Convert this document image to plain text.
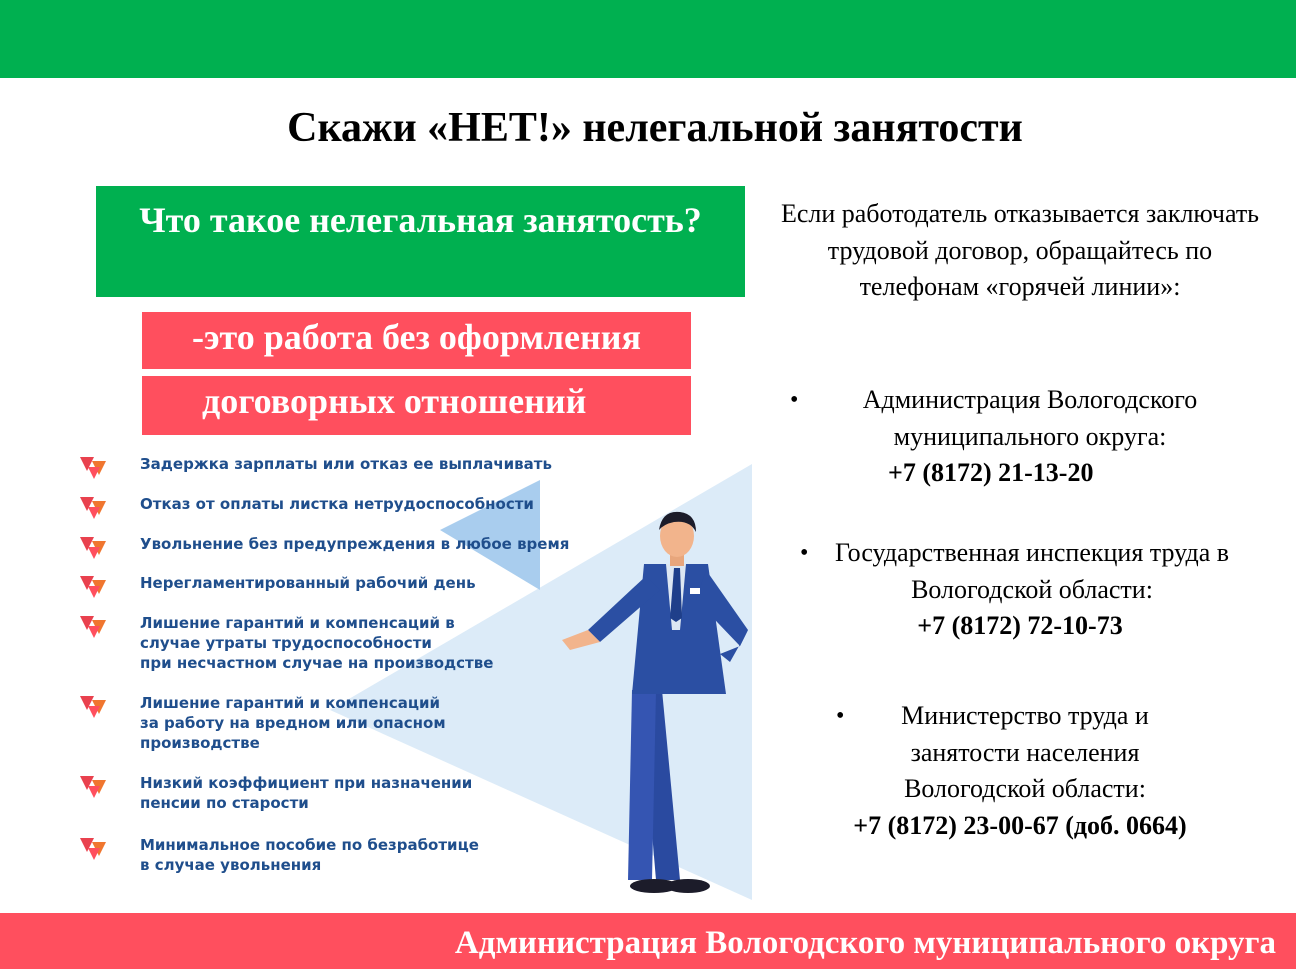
Скажи «НЕТ!» нелегальной занятости
Что такое нелегальная занятость?
-это работа без оформления
договорных отношений
Задержка зарплаты или отказ ее выплачивать
Отказ от оплаты листка нетрудоспособности
Увольнение без предупреждения в любое время
Нерегламентированный рабочий день
Лишение гарантий и компенсаций в
случае утраты трудоспособности
при несчастном случае на производстве
Лишение гарантий и компенсаций
за работу на вредном или опасном
производстве
Низкий коэффициент при назначении
пенсии по старости
Минимальное пособие по безработице
в случае увольнения

Если работодатель отказывается заключать трудовой договор, обращайтесь по телефонам «горячей линии»:

•	Администрация Вологодского муниципального округа:
+7 (8172) 21-13-20
•	Государственная инспекция труда в Вологодской области:
+7 (8172) 72-10-73
•	Министерство труда и занятости населения Вологодской области:
+7 (8172) 23-00-67 (доб. 0664)
Администрация Вологодского муниципального округа
